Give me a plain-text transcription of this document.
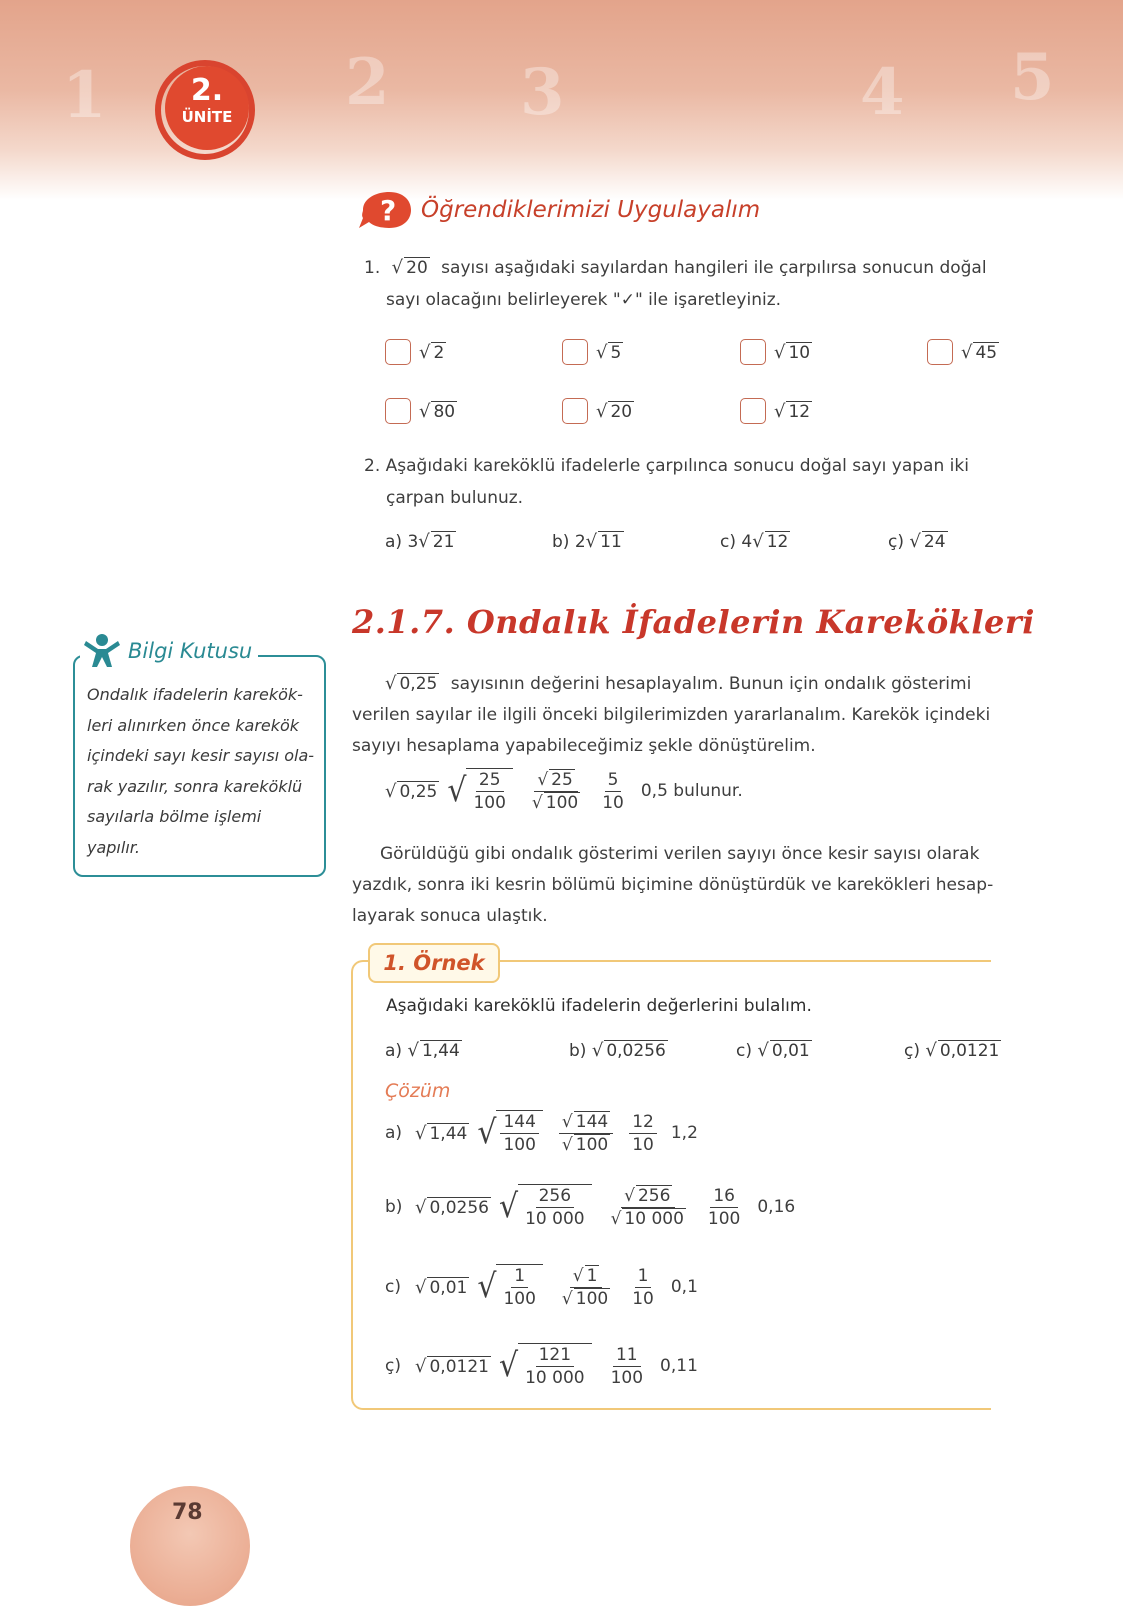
1	2 3	4 5
2.
ÜNİTE
? Öğrendiklerimizi Uygulayalım
1. √ 20 sayısı aşağıdaki sayılardan hangileri ile çarpılırsa sonucun doğal
sayı olacağını belirleyerek "✓" ile işaretleyiniz.
√ 2	√ 5	√ 10	√ 45
√ 80	√ 20	√ 12
2. Aşağıdaki kareköklü ifadelerle çarpılınca sonucu doğal sayı yapan iki
çarpan bulunuz.
a)
3 √ 21	b)
2 √ 11	c)
4 √ 12	ç)
√ 24
2.1.7. Ondalık İfadelerin Karekökleri
Bilgi Kutusu
Ondalık ifadelerin karekök-
leri alınırken önce karekök
içindeki sayı kesir sayısı ola-
rak yazılır, sonra kareköklü
sayılarla bölme işlemi
yapılır.
√ 0,25 sayısının değerini hesaplayalım. Bunun için ondalık gösterimi
verilen sayılar ile ilgili önceki bilgilerimizden yararlanalım. Karekök içindeki
sayıyı hesaplama yapabileceğimiz şekle dönüştürelim.
√ 0,25 √ $\frac{25}{100} \frac{√ 25}{√ 100} \frac{5}{10} 0,5$ bulunur.
Görüldüğü gibi ondalık gösterimi verilen sayıyı önce kesir sayısı olarak
yazdık, sonra iki kesrin bölümü biçimine dönüştürdük ve karekökleri hesap-
layarak sonuca ulaştık.
1. Örnek
Aşağıdaki kareköklü ifadelerin değerlerini bulalım.
a)
√ 1,44	b)
√ 0,0256	c)
√ 0,01	ç)
√ 0,0121
Çözüm
a) √ 1,44 √ $\frac{144}{100} \frac{√ 144}{√ 100} \frac{12}{10} 1,2$
b) √ 0,0256 √ $\frac{256}{10 000} \frac{√ 256}{√ 10 000} \frac{16}{100} 0,16$
c) √ 0,01 √ $\frac{1}{100} \frac{√ 1}{√ 100} \frac{1}{10} 0,1$
ç) √ 0,0121 √ $\frac{121}{10 000} \frac{11}{100} 0,11$
78
